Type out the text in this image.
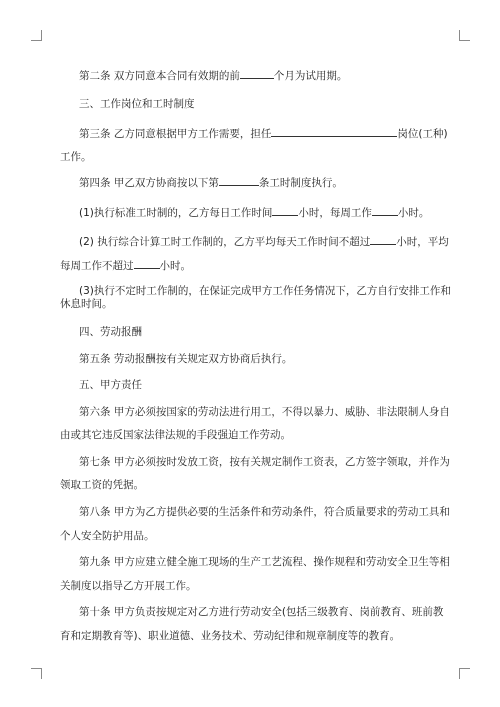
第二条 双方同意本合同有效期的前	个月为试用期。
三、工作岗位和工时制度
第三条 乙方同意根据甲方工作需要，担任	岗位(工种)
工作。
第四条 甲乙双方协商按以下第	条工时制度执行。
(1)执行标准工时制的，乙方每日工作时间 小时，每周工作 小时。
(2) 执行综合计算工时工作制的，乙方平均每天工作时间不超过 小时，平均
每周工作不超过 小时。
(3)执行不定时工作制的，在保证完成甲方工作任务情况下，乙方自行安排工作和
休息时间。
四、劳动报酬
第五条 劳动报酬按有关规定双方协商后执行。
五、甲方责任
第六条 甲方必须按国家的劳动法进行用工，不得以暴力、威胁、非法限制人身自
由或其它违反国家法律法规的手段强迫工作劳动。
第七条 甲方必须按时发放工资，按有关规定制作工资表，乙方签字领取，并作为
领取工资的凭据。
第八条 甲方为乙方提供必要的生活条件和劳动条件，符合质量要求的劳动工具和
个人安全防护用品。
第九条 甲方应建立健全施工现场的生产工艺流程、操作规程和劳动安全卫生等相
关制度以指导乙方开展工作。
第十条 甲方负责按规定对乙方进行劳动安全(包括三级教育、岗前教育、班前教
育和定期教育等)、职业道德、业务技术、劳动纪律和规章制度等的教育。
